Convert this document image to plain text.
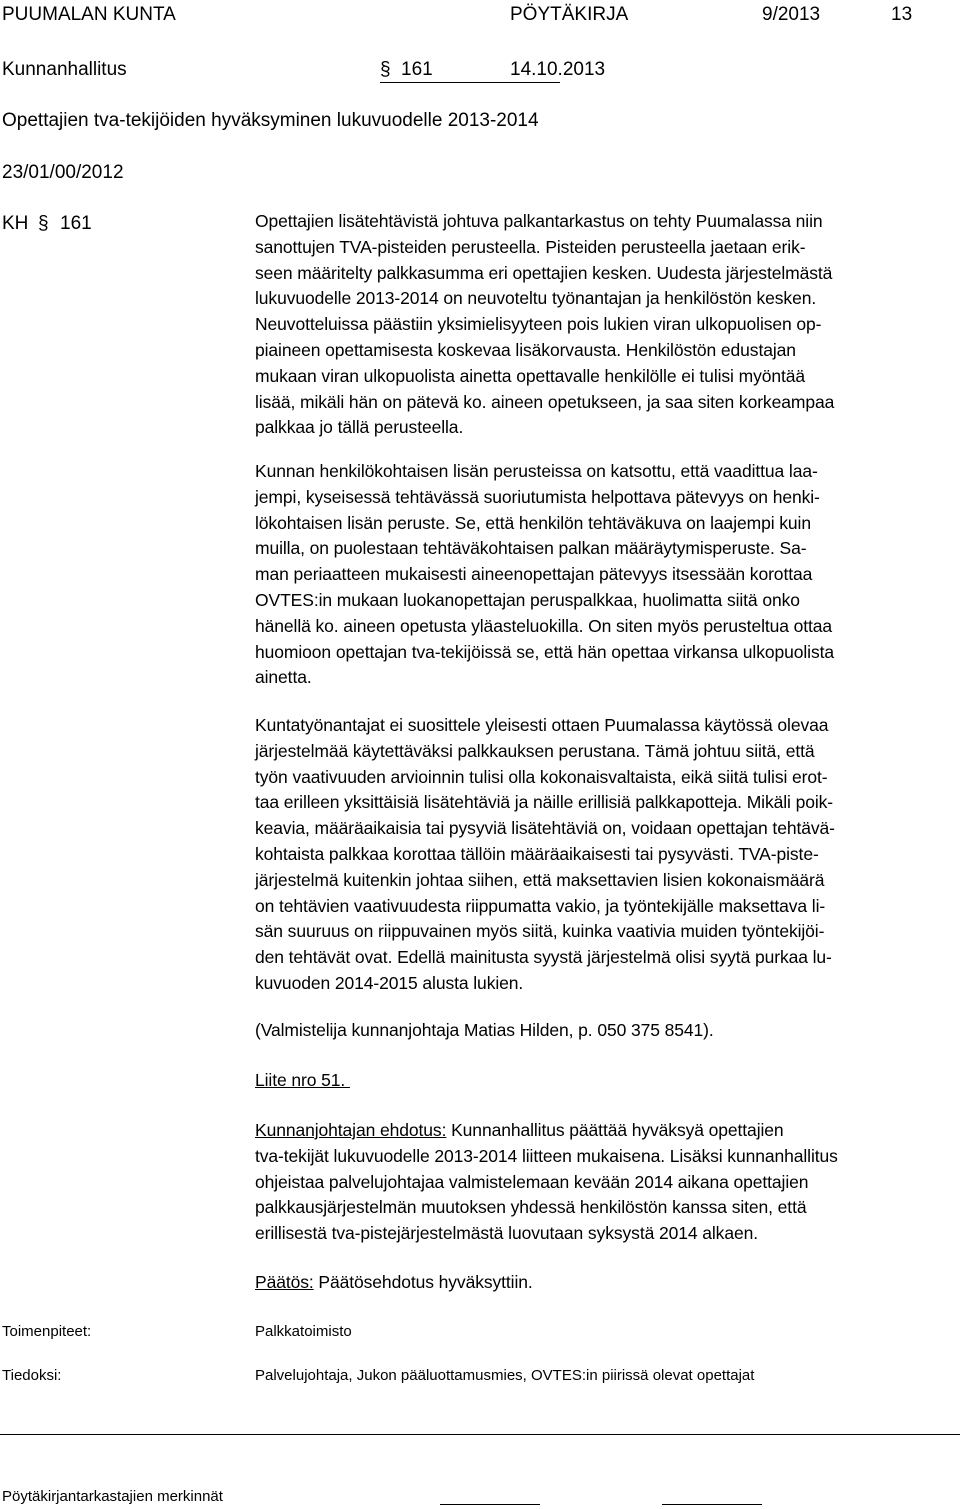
PUUMALAN KUNTA	PÖYTÄKIRJA	9/2013	13
Kunnanhallitus	§ 161	14.10.2013
Opettajien tva-tekijöiden hyväksyminen lukuvuodelle 2013-2014
23/01/00/2012
KH § 161	Opettajien lisätehtävistä johtuva palkantarkastus on tehty Puumalassa niin
sanottujen TVA-pisteiden perusteella. Pisteiden perusteella jaetaan erik-
seen määritelty palkkasumma eri opettajien kesken. Uudesta järjestelmästä
lukuvuodelle 2013-2014 on neuvoteltu työnantajan ja henkilöstön kesken.
Neuvotteluissa päästiin yksimielisyyteen pois lukien viran ulkopuolisen op-
piaineen opettamisesta koskevaa lisäkorvausta. Henkilöstön edustajan
mukaan viran ulkopuolista ainetta opettavalle henkilölle ei tulisi myöntää
lisää, mikäli hän on pätevä ko. aineen opetukseen, ja saa siten korkeampaa
palkkaa jo tällä perusteella.
Kunnan henkilökohtaisen lisän perusteissa on katsottu, että vaadittua laa-
jempi, kyseisessä tehtävässä suoriutumista helpottava pätevyys on henki-
lökohtaisen lisän peruste. Se, että henkilön tehtäväkuva on laajempi kuin
muilla, on puolestaan tehtäväkohtaisen palkan määräytymisperuste. Sa-
man periaatteen mukaisesti aineenopettajan pätevyys itsessään korottaa
OVTES:in mukaan luokanopettajan peruspalkkaa, huolimatta siitä onko
hänellä ko. aineen opetusta yläasteluokilla. On siten myös perusteltua ottaa
huomioon opettajan tva-tekijöissä se, että hän opettaa virkansa ulkopuolista
ainetta.
Kuntatyönantajat ei suosittele yleisesti ottaen Puumalassa käytössä olevaa
järjestelmää käytettäväksi palkkauksen perustana. Tämä johtuu siitä, että
työn vaativuuden arvioinnin tulisi olla kokonaisvaltaista, eikä siitä tulisi erot-
taa erilleen yksittäisiä lisätehtäviä ja näille erillisiä palkkapotteja. Mikäli poik-
keavia, määräaikaisia tai pysyviä lisätehtäviä on, voidaan opettajan tehtävä-
kohtaista palkkaa korottaa tällöin määräaikaisesti tai pysyvästi. TVA-piste-
järjestelmä kuitenkin johtaa siihen, että maksettavien lisien kokonaismäärä
on tehtävien vaativuudesta riippumatta vakio, ja työntekijälle maksettava li-
sän suuruus on riippuvainen myös siitä, kuinka vaativia muiden työntekijöi-
den tehtävät ovat. Edellä mainitusta syystä järjestelmä olisi syytä purkaa lu-
kuvuoden 2014-2015 alusta lukien.
(Valmistelija kunnanjohtaja Matias Hilden, p. 050 375 8541).
Liite nro 51.
Kunnanjohtajan ehdotus: Kunnanhallitus päättää hyväksyä opettajien
tva-tekijät lukuvuodelle 2013-2014 liitteen mukaisena. Lisäksi kunnanhallitus
ohjeistaa palvelujohtajaa valmistelemaan kevään 2014 aikana opettajien
palkkausjärjestelmän muutoksen yhdessä henkilöstön kanssa siten, että
erillisestä tva-pistejärjestelmästä luovutaan syksystä 2014 alkaen.
Päätös: Päätösehdotus hyväksyttiin.
Toimenpiteet:	Palkkatoimisto
Tiedoksi:	Palvelujohtaja, Jukon pääluottamusmies, OVTES:in piirissä olevat opettajat
Pöytäkirjantarkastajien merkinnät
